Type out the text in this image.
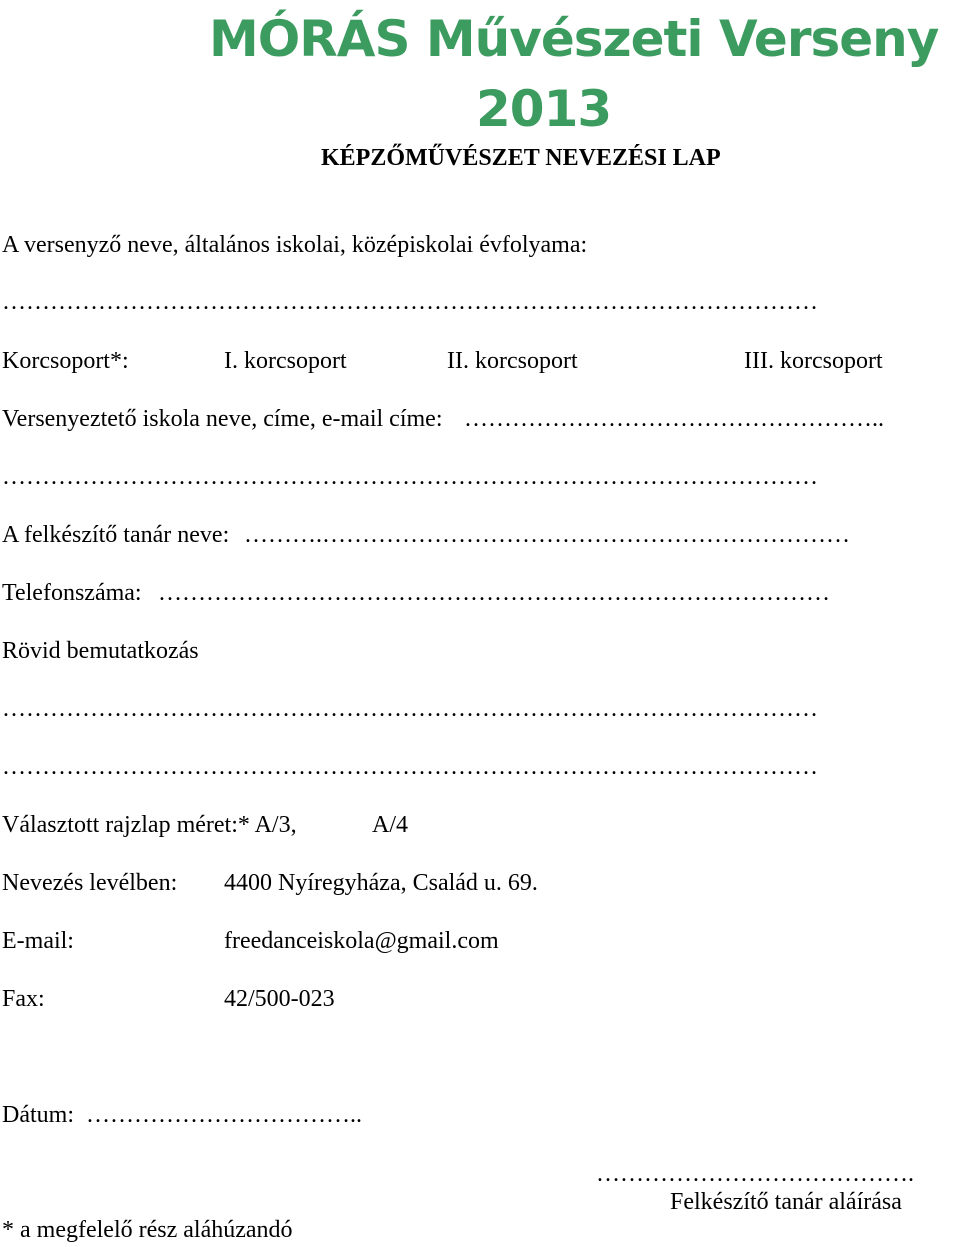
MÓRÁS Művészeti Verseny
2013
KÉPZŐMŰVÉSZET NEVEZÉSI LAP
A versenyző neve, általános iskolai, középiskolai évfolyama:
…………………………………………………………………………………………
Korcsoport*:	I. korcsoport	II. korcsoport	III. korcsoport
Versenyeztető iskola neve, címe, e-mail címe: ……………………………………………..
…………………………………………………………………………………………
A felkészítő tanár neve: ……….…………………………………………………………
Telefonszáma: …………………………………………………………………………
Rövid bemutatkozás
…………………………………………………………………………………………
…………………………………………………………………………………………
Választott rajzlap méret:* A/3,	A/4
Nevezés levélben: 4400 Nyíregyháza, Család u. 69.
E-mail:	freedanceiskola@gmail.com
Fax:	42/500-023
Dátum: ……………………………..
………………………………….
Felkészítő tanár aláírása
* a megfelelő rész aláhúzandó
